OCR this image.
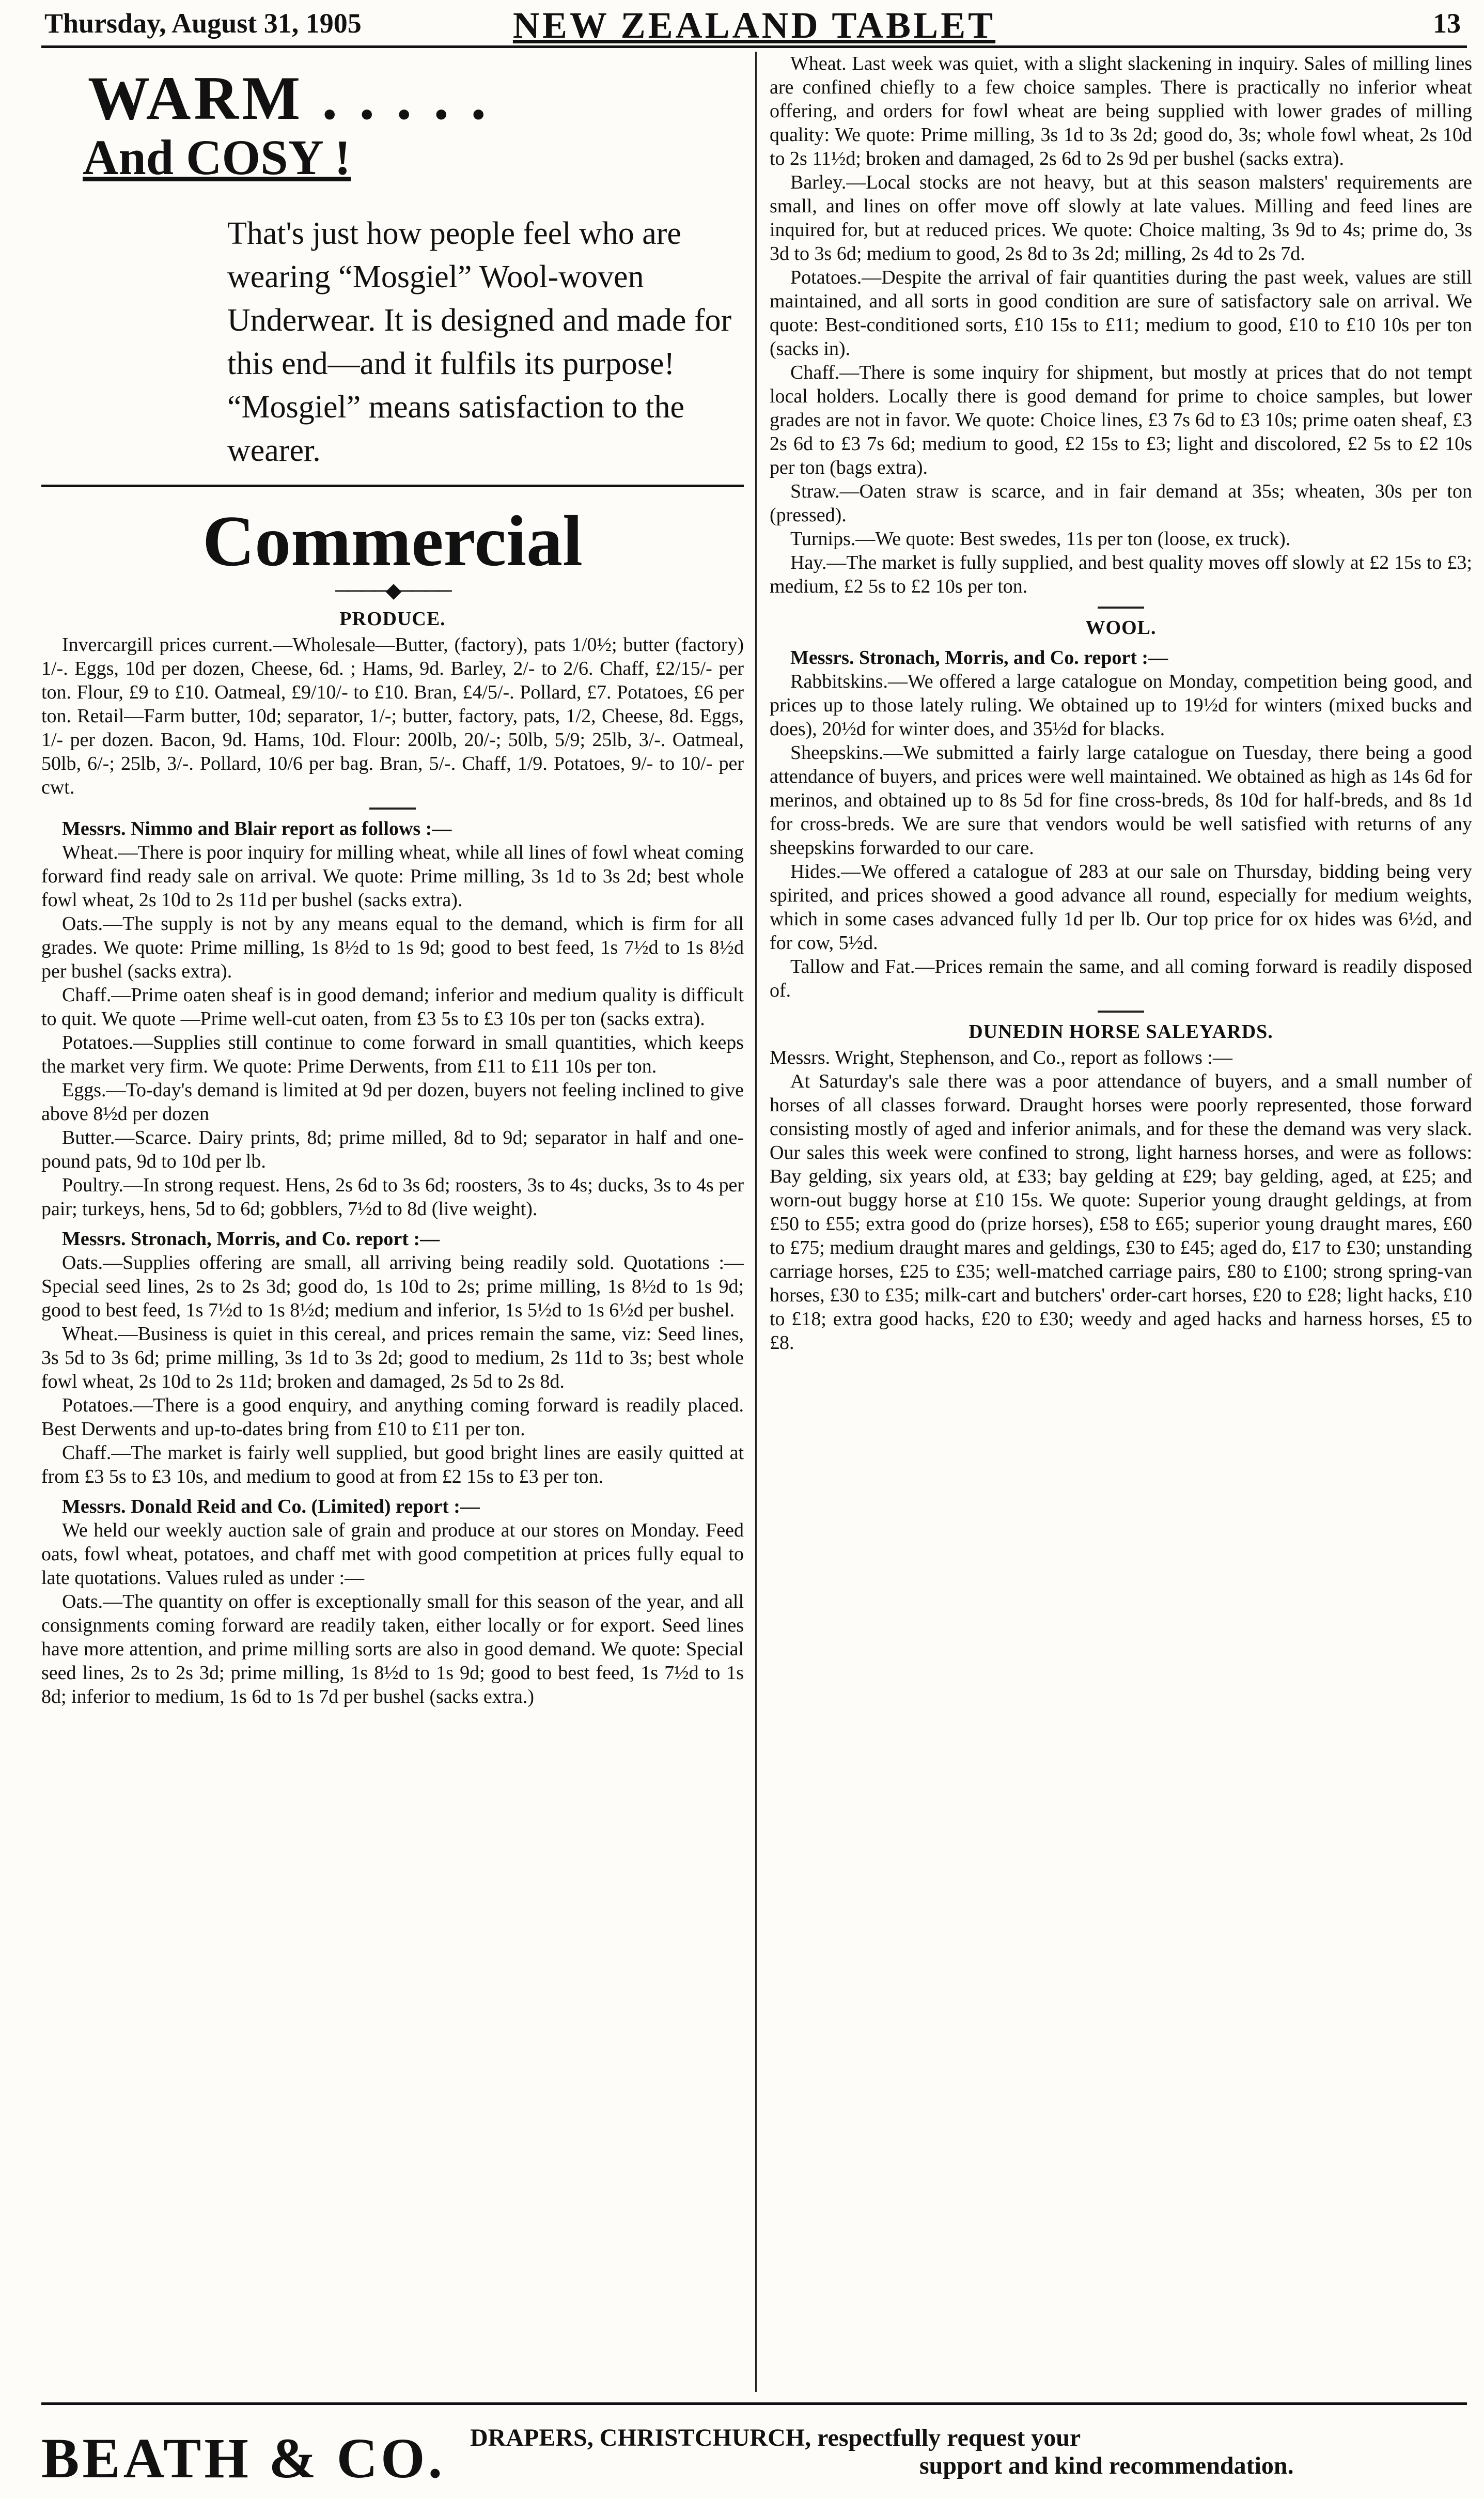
Thursday, August 31, 1905	NEW ZEALAND TABLET	13
WARM . . . . .
And COSY !
That's just how people feel who are wearing “Mosgiel” Wool-woven Underwear. It is designed and made for this end—and it fulfils its purpose! “Mosgiel” means satisfaction to the wearer.
Commercial
────◆────
PRODUCE.

Invercargill prices current.—Wholesale—Butter, (factory), pats 1/0½; butter (factory) 1/-. Eggs, 10d per dozen, Cheese, 6d. ; Hams, 9d. Barley, 2/- to 2/6. Chaff, £2/15/- per ton. Flour, £9 to £10. Oatmeal, £9/10/- to £10. Bran, £4/5/-. Pollard, £7. Potatoes, £6 per ton. Retail—Farm butter, 10d; separator, 1/-; butter, factory, pats, 1/2, Cheese, 8d. Eggs, 1/- per dozen. Bacon, 9d. Hams, 10d. Flour: 200lb, 20/-; 50lb, 5/9; 25lb, 3/-. Oatmeal, 50lb, 6/-; 25lb, 3/-. Pollard, 10/6 per bag. Bran, 5/-. Chaff, 1/9. Potatoes, 9/- to 10/- per cwt.

Messrs. Nimmo and Blair report as follows :—

Wheat.—There is poor inquiry for milling wheat, while all lines of fowl wheat coming forward find ready sale on arrival. We quote: Prime milling, 3s 1d to 3s 2d; best whole fowl wheat, 2s 10d to 2s 11d per bushel (sacks extra).

Oats.—The supply is not by any means equal to the demand, which is firm for all grades. We quote: Prime milling, 1s 8½d to 1s 9d; good to best feed, 1s 7½d to 1s 8½d per bushel (sacks extra).

Chaff.—Prime oaten sheaf is in good demand; inferior and medium quality is difficult to quit. We quote —Prime well-cut oaten, from £3 5s to £3 10s per ton (sacks extra).

Potatoes.—Supplies still continue to come forward in small quantities, which keeps the market very firm. We quote: Prime Derwents, from £11 to £11 10s per ton.

Eggs.—To-day's demand is limited at 9d per dozen, buyers not feeling inclined to give above 8½d per dozen

Butter.—Scarce. Dairy prints, 8d; prime milled, 8d to 9d; separator in half and one-pound pats, 9d to 10d per lb.

Poultry.—In strong request. Hens, 2s 6d to 3s 6d; roosters, 3s to 4s; ducks, 3s to 4s per pair; turkeys, hens, 5d to 6d; gobblers, 7½d to 8d (live weight).

Messrs. Stronach, Morris, and Co. report :—

Oats.—Supplies offering are small, all arriving being readily sold. Quotations :—Special seed lines, 2s to 2s 3d; good do, 1s 10d to 2s; prime milling, 1s 8½d to 1s 9d; good to best feed, 1s 7½d to 1s 8½d; medium and inferior, 1s 5½d to 1s 6½d per bushel.

Wheat.—Business is quiet in this cereal, and prices remain the same, viz: Seed lines, 3s 5d to 3s 6d; prime milling, 3s 1d to 3s 2d; good to medium, 2s 11d to 3s; best whole fowl wheat, 2s 10d to 2s 11d; broken and damaged, 2s 5d to 2s 8d.

Potatoes.—There is a good enquiry, and anything coming forward is readily placed. Best Derwents and up-to-dates bring from £10 to £11 per ton.

Chaff.—The market is fairly well supplied, but good bright lines are easily quitted at from £3 5s to £3 10s, and medium to good at from £2 15s to £3 per ton.

Messrs. Donald Reid and Co. (Limited) report :—

We held our weekly auction sale of grain and produce at our stores on Monday. Feed oats, fowl wheat, potatoes, and chaff met with good competition at prices fully equal to late quotations. Values ruled as under :—

Oats.—The quantity on offer is exceptionally small for this season of the year, and all consignments coming forward are readily taken, either locally or for export. Seed lines have more attention, and prime milling sorts are also in good demand. We quote: Special seed lines, 2s to 2s 3d; prime milling, 1s 8½d to 1s 9d; good to best feed, 1s 7½d to 1s 8d; inferior to medium, 1s 6d to 1s 7d per bushel (sacks extra.)

Wheat. Last week was quiet, with a slight slackening in inquiry. Sales of milling lines are confined chiefly to a few choice samples. There is practically no inferior wheat offering, and orders for fowl wheat are being supplied with lower grades of milling quality: We quote: Prime milling, 3s 1d to 3s 2d; good do, 3s; whole fowl wheat, 2s 10d to 2s 11½d; broken and damaged, 2s 6d to 2s 9d per bushel (sacks extra).

Barley.—Local stocks are not heavy, but at this season malsters' requirements are small, and lines on offer move off slowly at late values. Milling and feed lines are inquired for, but at reduced prices. We quote: Choice malting, 3s 9d to 4s; prime do, 3s 3d to 3s 6d; medium to good, 2s 8d to 3s 2d; milling, 2s 4d to 2s 7d.

Potatoes.—Despite the arrival of fair quantities during the past week, values are still maintained, and all sorts in good condition are sure of satisfactory sale on arrival. We quote: Best-conditioned sorts, £10 15s to £11; medium to good, £10 to £10 10s per ton (sacks in).

Chaff.—There is some inquiry for shipment, but mostly at prices that do not tempt local holders. Locally there is good demand for prime to choice samples, but lower grades are not in favor. We quote: Choice lines, £3 7s 6d to £3 10s; prime oaten sheaf, £3 2s 6d to £3 7s 6d; medium to good, £2 15s to £3; light and discolored, £2 5s to £2 10s per ton (bags extra).

Straw.—Oaten straw is scarce, and in fair demand at 35s; wheaten, 30s per ton (pressed).

Turnips.—We quote: Best swedes, 11s per ton (loose, ex truck).

Hay.—The market is fully supplied, and best quality moves off slowly at £2 15s to £3; medium, £2 5s to £2 10s per ton.

WOOL.

Messrs. Stronach, Morris, and Co. report :—

Rabbitskins.—We offered a large catalogue on Monday, competition being good, and prices up to those lately ruling. We obtained up to 19½d for winters (mixed bucks and does), 20½d for winter does, and 35½d for blacks.

Sheepskins.—We submitted a fairly large catalogue on Tuesday, there being a good attendance of buyers, and prices were well maintained. We obtained as high as 14s 6d for merinos, and obtained up to 8s 5d for fine cross-breds, 8s 10d for half-breds, and 8s 1d for cross-breds. We are sure that vendors would be well satisfied with returns of any sheepskins forwarded to our care.

Hides.—We offered a catalogue of 283 at our sale on Thursday, bidding being very spirited, and prices showed a good advance all round, especially for medium weights, which in some cases advanced fully 1d per lb. Our top price for ox hides was 6½d, and for cow, 5½d.

Tallow and Fat.—Prices remain the same, and all coming forward is readily disposed of.

DUNEDIN HORSE SALEYARDS.

Messrs. Wright, Stephenson, and Co., report as follows :—

At Saturday's sale there was a poor attendance of buyers, and a small number of horses of all classes forward. Draught horses were poorly represented, those forward consisting mostly of aged and inferior animals, and for these the demand was very slack. Our sales this week were confined to strong, light harness horses, and were as follows: Bay gelding, six years old, at £33; bay gelding at £29; bay gelding, aged, at £25; and worn-out buggy horse at £10 15s. We quote: Superior young draught geldings, at from £50 to £55; extra good do (prize horses), £58 to £65; superior young draught mares, £60 to £75; medium draught mares and geldings, £30 to £45; aged do, £17 to £30; unstanding carriage horses, £25 to £35; well-matched carriage pairs, £80 to £100; strong spring-van horses, £30 to £35; milk-cart and butchers' order-cart horses, £20 to £28; light hacks, £10 to £18; extra good hacks, £20 to £30; weedy and aged hacks and harness horses, £5 to £8.

BEATH & CO. DRAPERS, CHRISTCHURCH, respectfully request your
support and kind recommendation.
